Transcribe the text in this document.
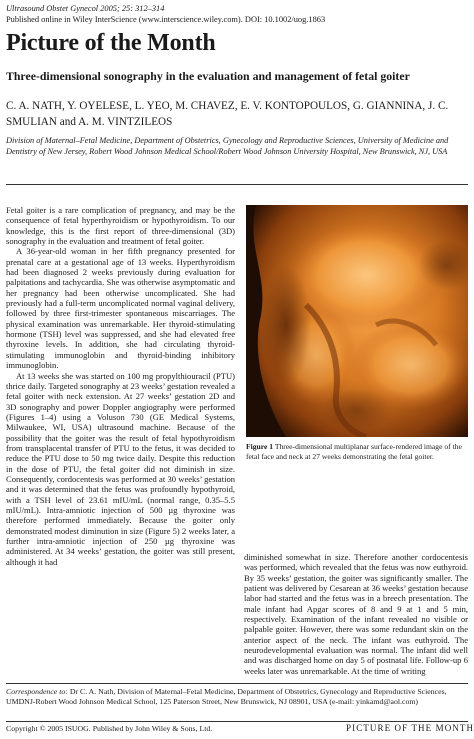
Ultrasound Obstet Gynecol 2005; 25: 312–314
Published online in Wiley InterScience (www.interscience.wiley.com). DOI: 10.1002/uog.1863
Picture of the Month
Three-dimensional sonography in the evaluation and management of fetal goiter
C. A. NATH, Y. OYELESE, L. YEO, M. CHAVEZ, E. V. KONTOPOULOS, G. GIANNINA, J. C. SMULIAN and A. M. VINTZILEOS
Division of Maternal–Fetal Medicine, Department of Obstetrics, Gynecology and Reproductive Sciences, University of Medicine and Dentistry of New Jersey, Robert Wood Johnson Medical School/Robert Wood Johnson University Hospital, New Brunswick, NJ, USA

Fetal goiter is a rare complication of pregnancy, and may be the consequence of fetal hyperthyroidism or hypothyroidism. To our knowledge, this is the first report of three-dimensional (3D) sonography in the evaluation and treatment of fetal goiter.

A 36-year-old woman in her fifth pregnancy presented for prenatal care at a gestational age of 13 weeks. Hyperthyroidism had been diagnosed 2 weeks previously during evaluation for palpitations and tachycardia. She was otherwise asymptomatic and her pregnancy had been otherwise uncomplicated. She had previously had a full-term uncomplicated normal vaginal delivery, followed by three first-trimester spontaneous miscarriages. The physical examination was unremarkable. Her thyroid-stimulating hormone (TSH) level was suppressed, and she had elevated free thyroxine levels. In addition, she had circulating thyroid-stimulating immunoglobin and thyroid-binding inhibitory immunoglobin.

At 13 weeks she was started on 100 mg propylthiouracil (PTU) thrice daily. Targeted sonography at 23 weeks’ gestation revealed a fetal goiter with neck extension. At 27 weeks’ gestation 2D and 3D sonography and power Doppler angiography were performed (Figures 1–4) using a Voluson 730 (GE Medical Systems, Milwaukee, WI, USA) ultrasound machine. Because of the possibility that the goiter was the result of fetal hypothyroidism from transplacental transfer of PTU to the fetus, it was decided to reduce the PTU dose to 50 mg twice daily. Despite this reduction in the dose of PTU, the fetal goiter did not diminish in size. Consequently, cordocentesis was performed at 30 weeks’ gestation and it was determined that the fetus was profoundly hypothyroid, with a TSH level of 23.61 mIU/mL (normal range, 0.35–5.5 mIU/mL). Intra-amniotic injection of 500 µg thyroxine was therefore performed immediately. Because the goiter only demonstrated modest diminution in size (Figure 5) 2 weeks later, a further intra-amniotic injection of 250 µg thyroxine was administered. At 34 weeks’ gestation, the goiter was still present, although it had

Figure 1 Three-dimensional multiplanar surface-rendered image of the fetal face and neck at 27 weeks demonstrating the fetal goiter.

diminished somewhat in size. Therefore another cordocentesis was performed, which revealed that the fetus was now euthyroid. By 35 weeks’ gestation, the goiter was significantly smaller. The patient was delivered by Cesarean at 36 weeks’ gestation because labor had started and the fetus was in a breech presentation. The male infant had Apgar scores of 8 and 9 at 1 and 5 min, respectively. Examination of the infant revealed no visible or palpable goiter. However, there was some redundant skin on the anterior aspect of the neck. The infant was euthyroid. The neurodevelopmental evaluation was normal. The infant did well and was discharged home on day 5 of postnatal life. Follow-up 6 weeks later was unremarkable. At the time of writing

Correspondence to: Dr C. A. Nath, Division of Maternal–Fetal Medicine, Department of Obstetrics, Gynecology and Reproductive Sciences, UMDNJ-Robert Wood Johnson Medical School, 125 Paterson Street, New Brunswick, NJ 08901, USA (e-mail: yinkamd@aol.com)
Copyright © 2005 ISUOG. Published by John Wiley & Sons, Ltd.	PICTURE OF THE MONTH
